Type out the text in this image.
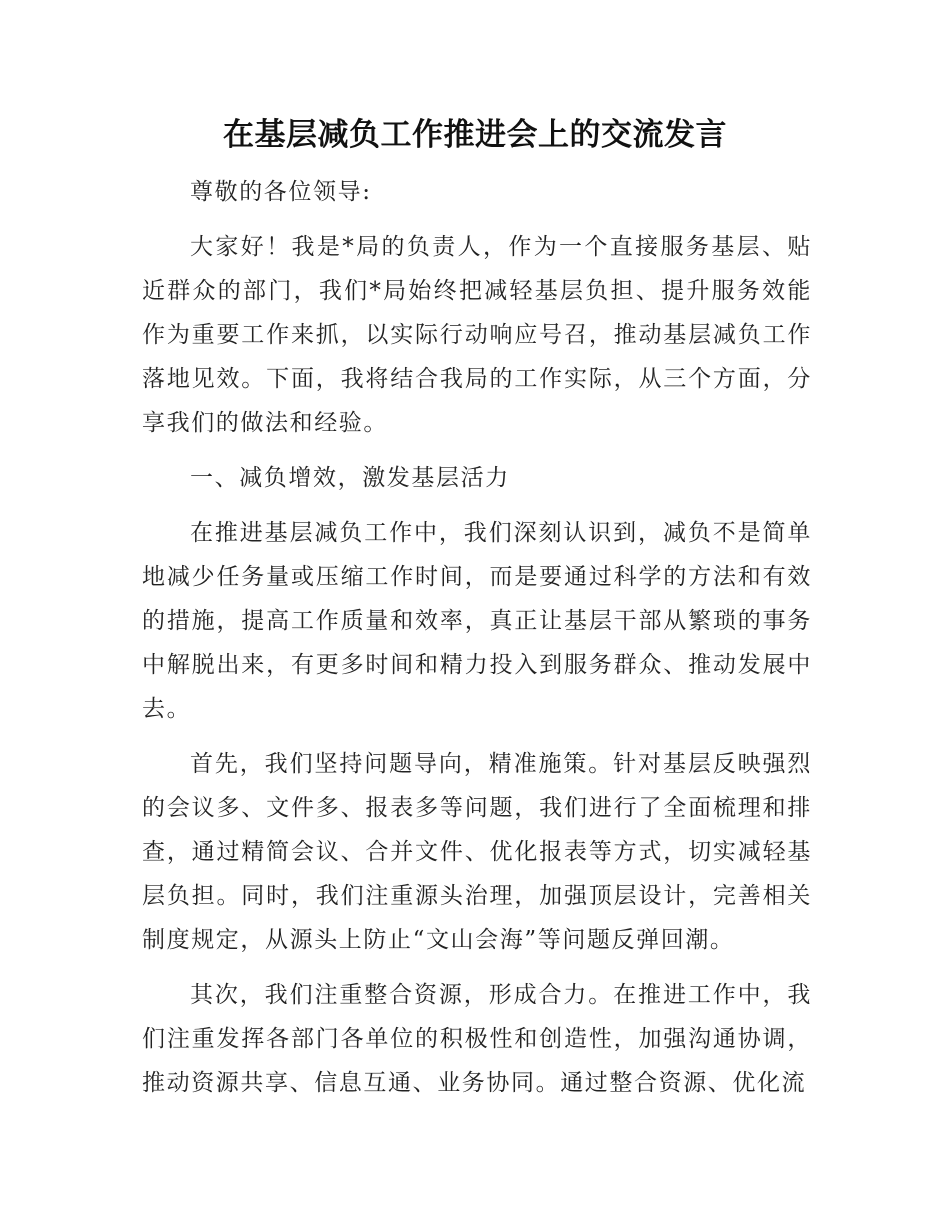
在基层减负工作推进会上的交流发言

尊敬的各位领导:

大家好！我是*局的负责人，作为一个直接服务基层、贴近群众的部门，我们*局始终把减轻基层负担、提升服务效能作为重要工作来抓，以实际行动响应号召，推动基层减负工作落地见效。下面，我将结合我局的工作实际，从三个方面，分享我们的做法和经验。

一、减负增效，激发基层活力

在推进基层减负工作中，我们深刻认识到，减负不是简单地减少任务量或压缩工作时间，而是要通过科学的方法和有效的措施，提高工作质量和效率，真正让基层干部从繁琐的事务中解脱出来，有更多时间和精力投入到服务群众、推动发展中去。

首先，我们坚持问题导向，精准施策。针对基层反映强烈的会议多、文件多、报表多等问题，我们进行了全面梳理和排查，通过精简会议、合并文件、优化报表等方式，切实减轻基层负担。同时，我们注重源头治理，加强顶层设计，完善相关制度规定，从源头上防止“文山会海”等问题反弹回潮。

其次，我们注重整合资源，形成合力。在推进工作中，我们注重发挥各部门各单位的积极性和创造性，加强沟通协调，推动资源共享、信息互通、业务协同。通过整合资源、优化流
